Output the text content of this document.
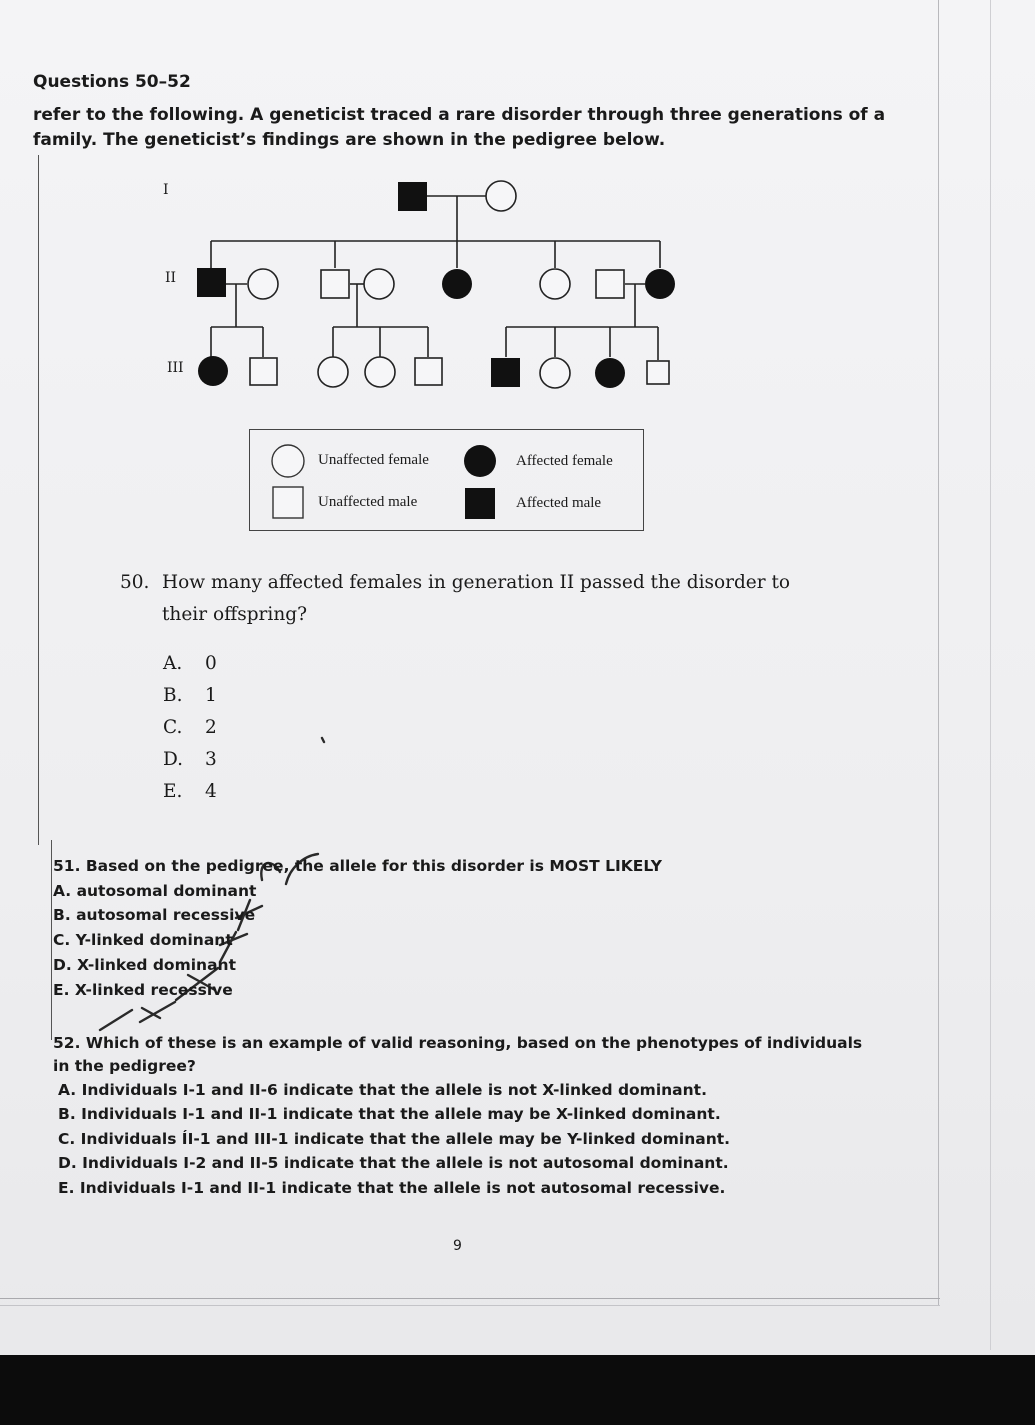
Questions 50–52
refer to the following. A geneticist traced a rare disorder through three generations of a
family. The geneticist’s findings are shown in the pedigree below.
I
II
III
Unaffected female	Affected female
Unaffected male	Affected male
50. How many affected females in generation II passed the disorder to
their offspring?
A. 0
B. 1
C. 2
D. 3
E. 4
51. Based on the pedigree, the allele for this disorder is MOST LIKELY
A. autosomal dominant
B. autosomal recessive
C. Y-linked dominant
D. X-linked dominant
E. X-linked recessive
52. Which of these is an example of valid reasoning, based on the phenotypes of individuals
in the pedigree?
A. Individuals I-1 and II-6 indicate that the allele is not X-linked dominant.
B. Individuals I-1 and II-1 indicate that the allele may be X-linked dominant.
C. Individuals ÍI-1 and III-1 indicate that the allele may be Y-linked dominant.
D. Individuals I-2 and II-5 indicate that the allele is not autosomal dominant.
E. Individuals I-1 and II-1 indicate that the allele is not autosomal recessive.
9
